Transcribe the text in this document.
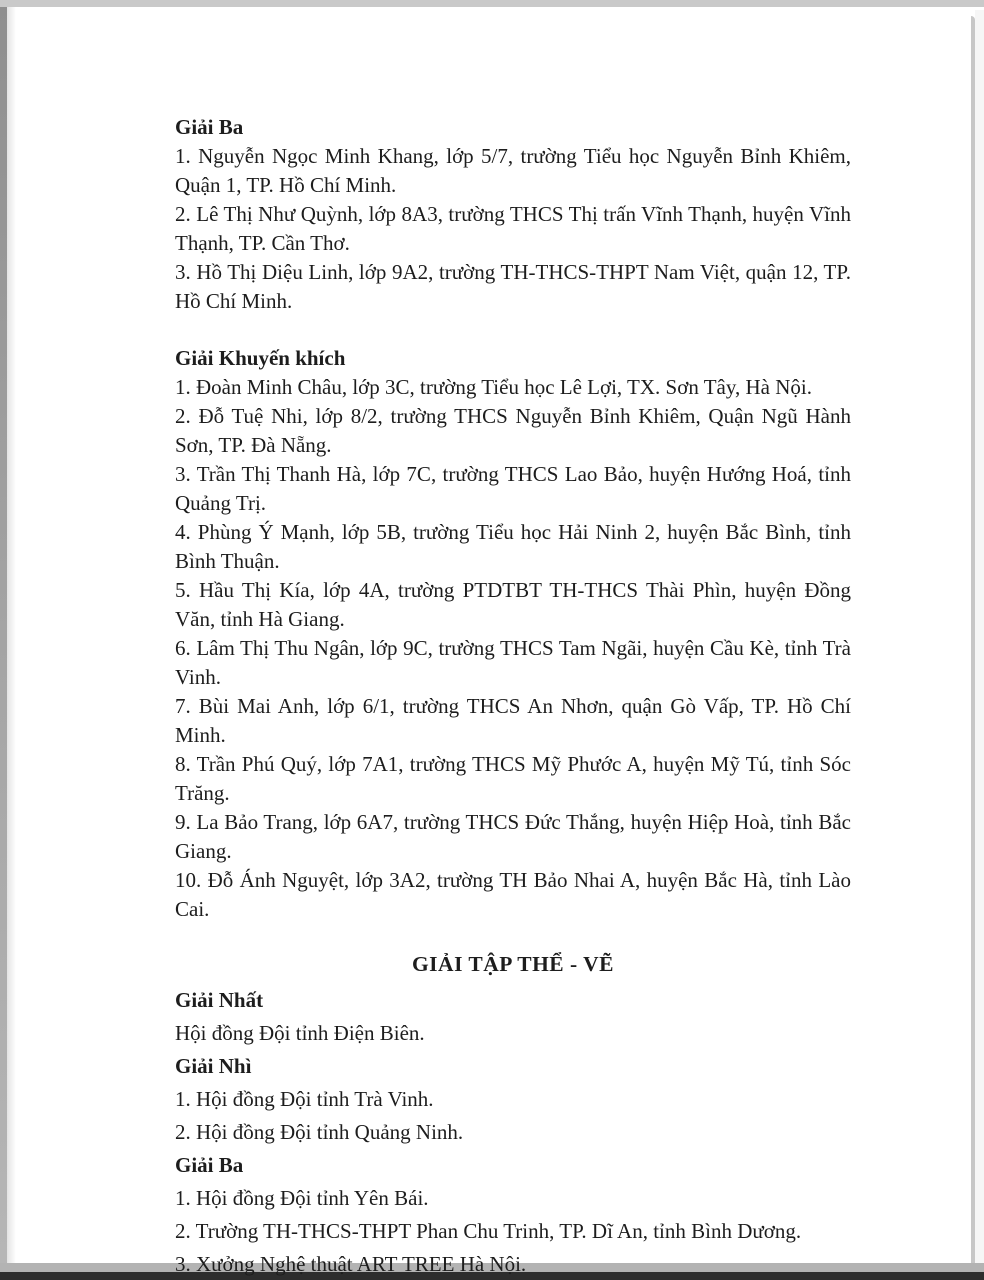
Giải Ba

1. Nguyễn Ngọc Minh Khang, lớp 5/7, trường Tiểu học Nguyễn Bỉnh Khiêm, Quận 1, TP. Hồ Chí Minh.

2. Lê Thị Như Quỳnh, lớp 8A3, trường THCS Thị trấn Vĩnh Thạnh, huyện Vĩnh Thạnh, TP. Cần Thơ.

3. Hồ Thị Diệu Linh, lớp 9A2, trường TH-THCS-THPT Nam Việt, quận 12, TP. Hồ Chí Minh.

Giải Khuyến khích

1. Đoàn Minh Châu, lớp 3C, trường Tiểu học Lê Lợi, TX. Sơn Tây, Hà Nội.

2. Đỗ Tuệ Nhi, lớp 8/2, trường THCS Nguyễn Bỉnh Khiêm, Quận Ngũ Hành Sơn, TP. Đà Nẵng.

3. Trần Thị Thanh Hà, lớp 7C, trường THCS Lao Bảo, huyện Hướng Hoá, tỉnh Quảng Trị.

4. Phùng Ý Mạnh, lớp 5B, trường Tiểu học Hải Ninh 2, huyện Bắc Bình, tỉnh Bình Thuận.

5. Hầu Thị Kía, lớp 4A, trường PTDTBT TH-THCS Thài Phìn, huyện Đồng Văn, tỉnh Hà Giang.

6. Lâm Thị Thu Ngân, lớp 9C, trường THCS Tam Ngãi, huyện Cầu Kè, tỉnh Trà Vinh.

7. Bùi Mai Anh, lớp 6/1, trường THCS An Nhơn, quận Gò Vấp, TP. Hồ Chí Minh.

8. Trần Phú Quý, lớp 7A1, trường THCS Mỹ Phước A, huyện Mỹ Tú, tỉnh Sóc Trăng.

9. La Bảo Trang, lớp 6A7, trường THCS Đức Thắng, huyện Hiệp Hoà, tỉnh Bắc Giang.

10. Đỗ Ánh Nguyệt, lớp 3A2, trường TH Bảo Nhai A, huyện Bắc Hà, tỉnh Lào Cai.

GIẢI TẬP THỂ - VẼ
Giải Nhất

Hội đồng Đội tỉnh Điện Biên.

Giải Nhì

1. Hội đồng Đội tỉnh Trà Vinh.

2. Hội đồng Đội tỉnh Quảng Ninh.

Giải Ba

1. Hội đồng Đội tỉnh Yên Bái.

2. Trường TH-THCS-THPT Phan Chu Trinh, TP. Dĩ An, tỉnh Bình Dương.

3. Xưởng Nghệ thuật ART TREE Hà Nội.
